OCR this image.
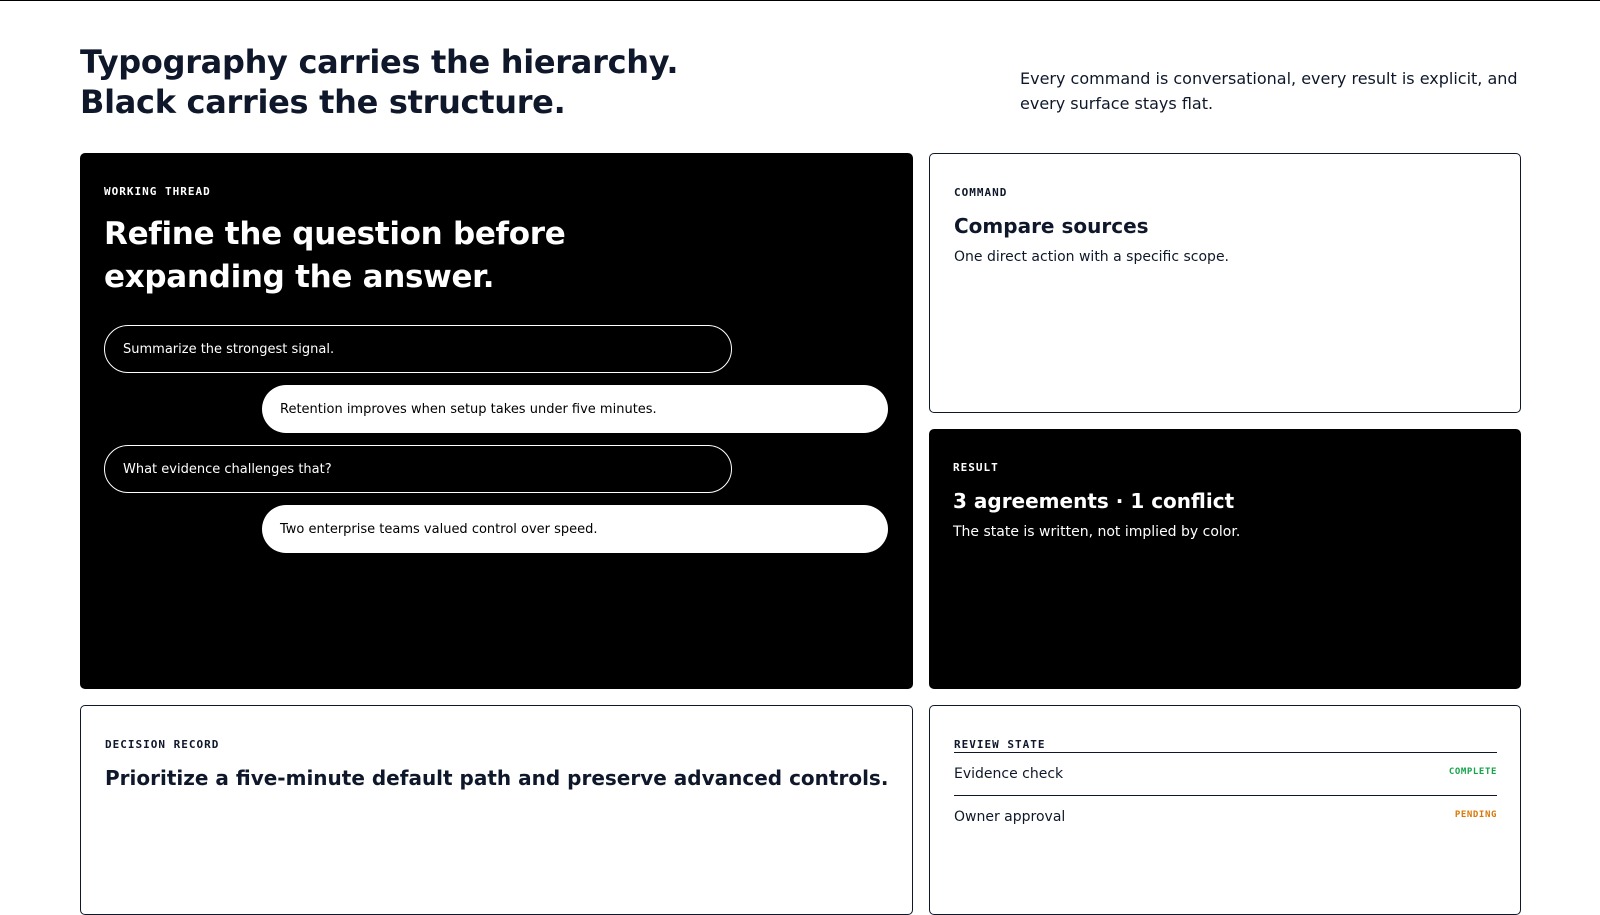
Typography carries the hierarchy.
Black carries the structure.

Every command is conversational, every result is explicit, and every surface stays flat.

WORKING THREAD
Refine the question before expanding the answer.
Summarize the strongest signal.
Retention improves when setup takes under five minutes.
What evidence challenges that?
Two enterprise teams valued control over speed.
COMMAND
Compare sources

One direct action with a specific scope.

RESULT
3 agreements · 1 conflict

The state is written, not implied by color.

DECISION RECORD
Prioritize a five-minute default path and preserve advanced controls.
REVIEW STATE
Evidence check	COMPLETE
Owner approval	PENDING
